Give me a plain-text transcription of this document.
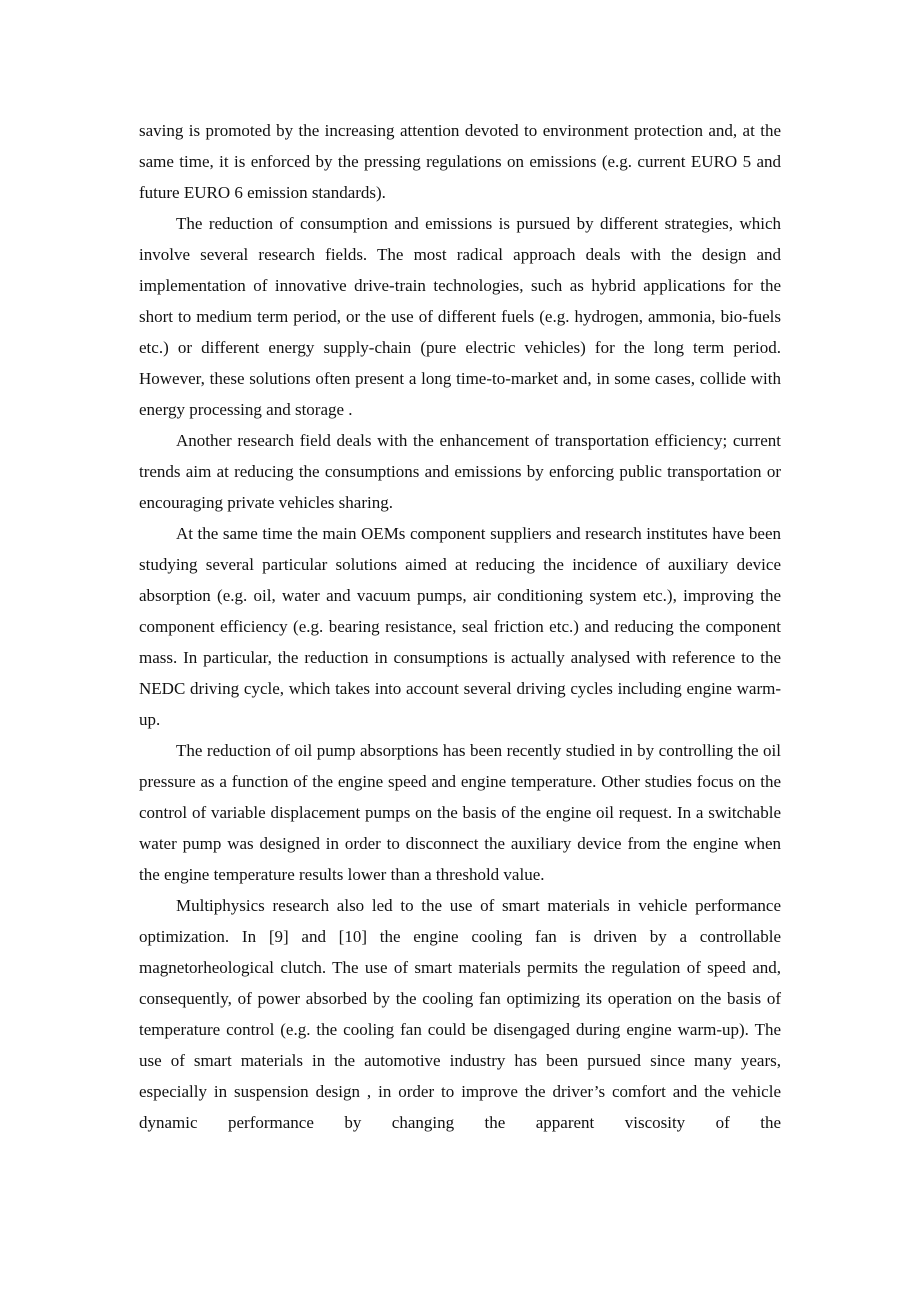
saving is promoted by the increasing attention devoted to environment protection and, at the same time, it is enforced by the pressing regulations on emissions (e.g. current EURO 5 and future EURO 6 emission standards).

The reduction of consumption and emissions is pursued by different strategies, which involve several research fields. The most radical approach deals with the design and implementation of innovative drive-train technologies, such as hybrid applications for the short to medium term period, or the use of different fuels (e.g. hydrogen, ammonia, bio-fuels etc.) or different energy supply-chain (pure electric vehicles) for the long term period. However, these solutions often present a long time-to-market and, in some cases, collide with energy processing and storage .

Another research field deals with the enhancement of transportation efficiency; current trends aim at reducing the consumptions and emissions by enforcing public transportation or encouraging private vehicles sharing.

At the same time the main OEMs component suppliers and research institutes have been studying several particular solutions aimed at reducing the incidence of auxiliary device absorption (e.g. oil, water and vacuum pumps, air conditioning system etc.), improving the component efficiency (e.g. bearing resistance, seal friction etc.) and reducing the component mass. In particular, the reduction in consumptions is actually analysed with reference to the NEDC driving cycle, which takes into account several driving cycles including engine warm-up.

The reduction of oil pump absorptions has been recently studied in by controlling the oil pressure as a function of the engine speed and engine temperature. Other studies focus on the control of variable displacement pumps on the basis of the engine oil request. In a switchable water pump was designed in order to disconnect the auxiliary device from the engine when the engine temperature results lower than a threshold value.

Multiphysics research also led to the use of smart materials in vehicle performance optimization. In [9] and [10] the engine cooling fan is driven by a controllable magnetorheological clutch. The use of smart materials permits the regulation of speed and, consequently, of power absorbed by the cooling fan optimizing its operation on the basis of temperature control (e.g. the cooling fan could be disengaged during engine warm-up). The use of smart materials in the automotive industry has been pursued since many years, especially in suspension design , in order to improve the driver’s comfort and the vehicle dynamic performance by changing the apparent viscosity of the
